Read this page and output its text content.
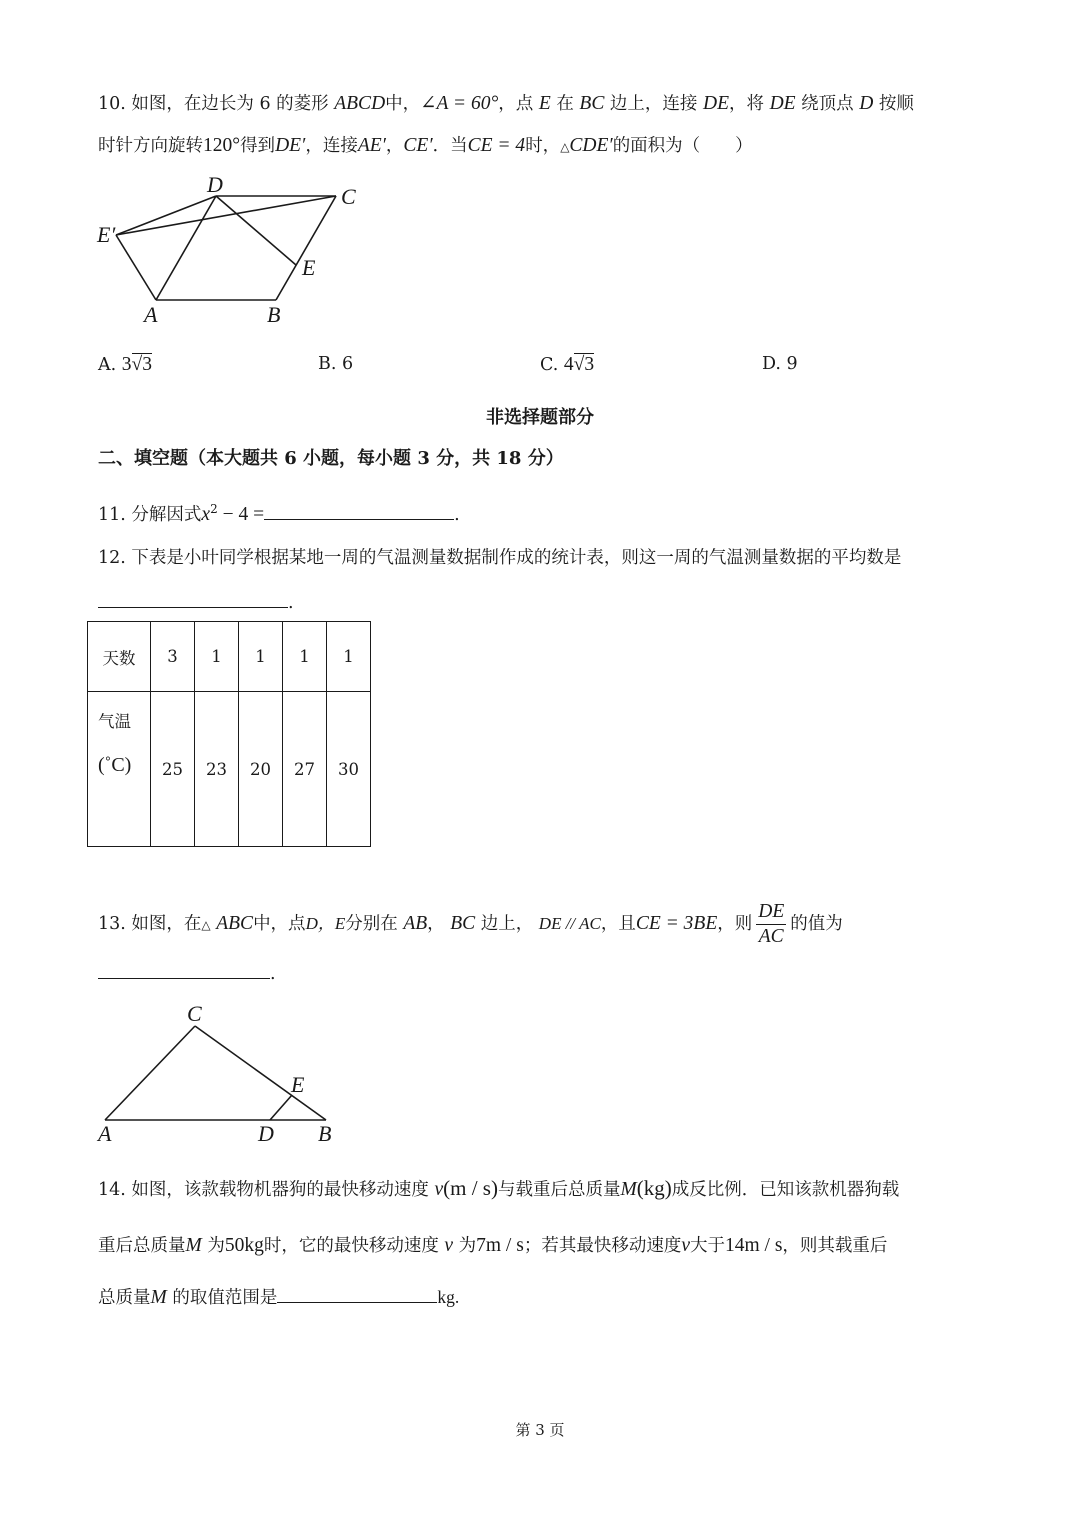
10. 如图，在边长为 6 的菱形 ABCD中，∠A = 60°，点 E 在 BC 边上，连接 DE，将 DE 绕顶点 D 按顺
时针方向旋转120°得到DE′，连接AE′，CE′．当CE = 4时，△CDE′的面积为（　　）
D	C
E′
E
A	B
A. 3√3	B. 6	C. 4√3	D. 9
非选择题部分
二、填空题（本大题共 6 小题，每小题 3 分，共 18 分）
11. 分解因式$x^2 - 4$ =	.
12. 下表是小叶同学根据某地一周的气温测量数据制作成的统计表，则这一周的气温测量数据的平均数是
.
天数	3	1	1	1	1

气温
(˚C)	25	23	20	27	30
13. 如图，在△ ABC中，点D，E分别在 AB， BC 边上， DE // AC，且CE = 3BE，则 $\frac{DE}{AC}$ 的值为
.
C
E
A	D B
14. 如图，该款载物机器狗的最快移动速度 v(m / s)与载重后总质量M(kg)成反比例．已知该款机器狗载
重后总质量M 为50kg时，它的最快移动速度 v 为7m / s；若其最快移动速度v大于14m / s，则其载重后
总质量M 的取值范围是	kg.
第 3 页
